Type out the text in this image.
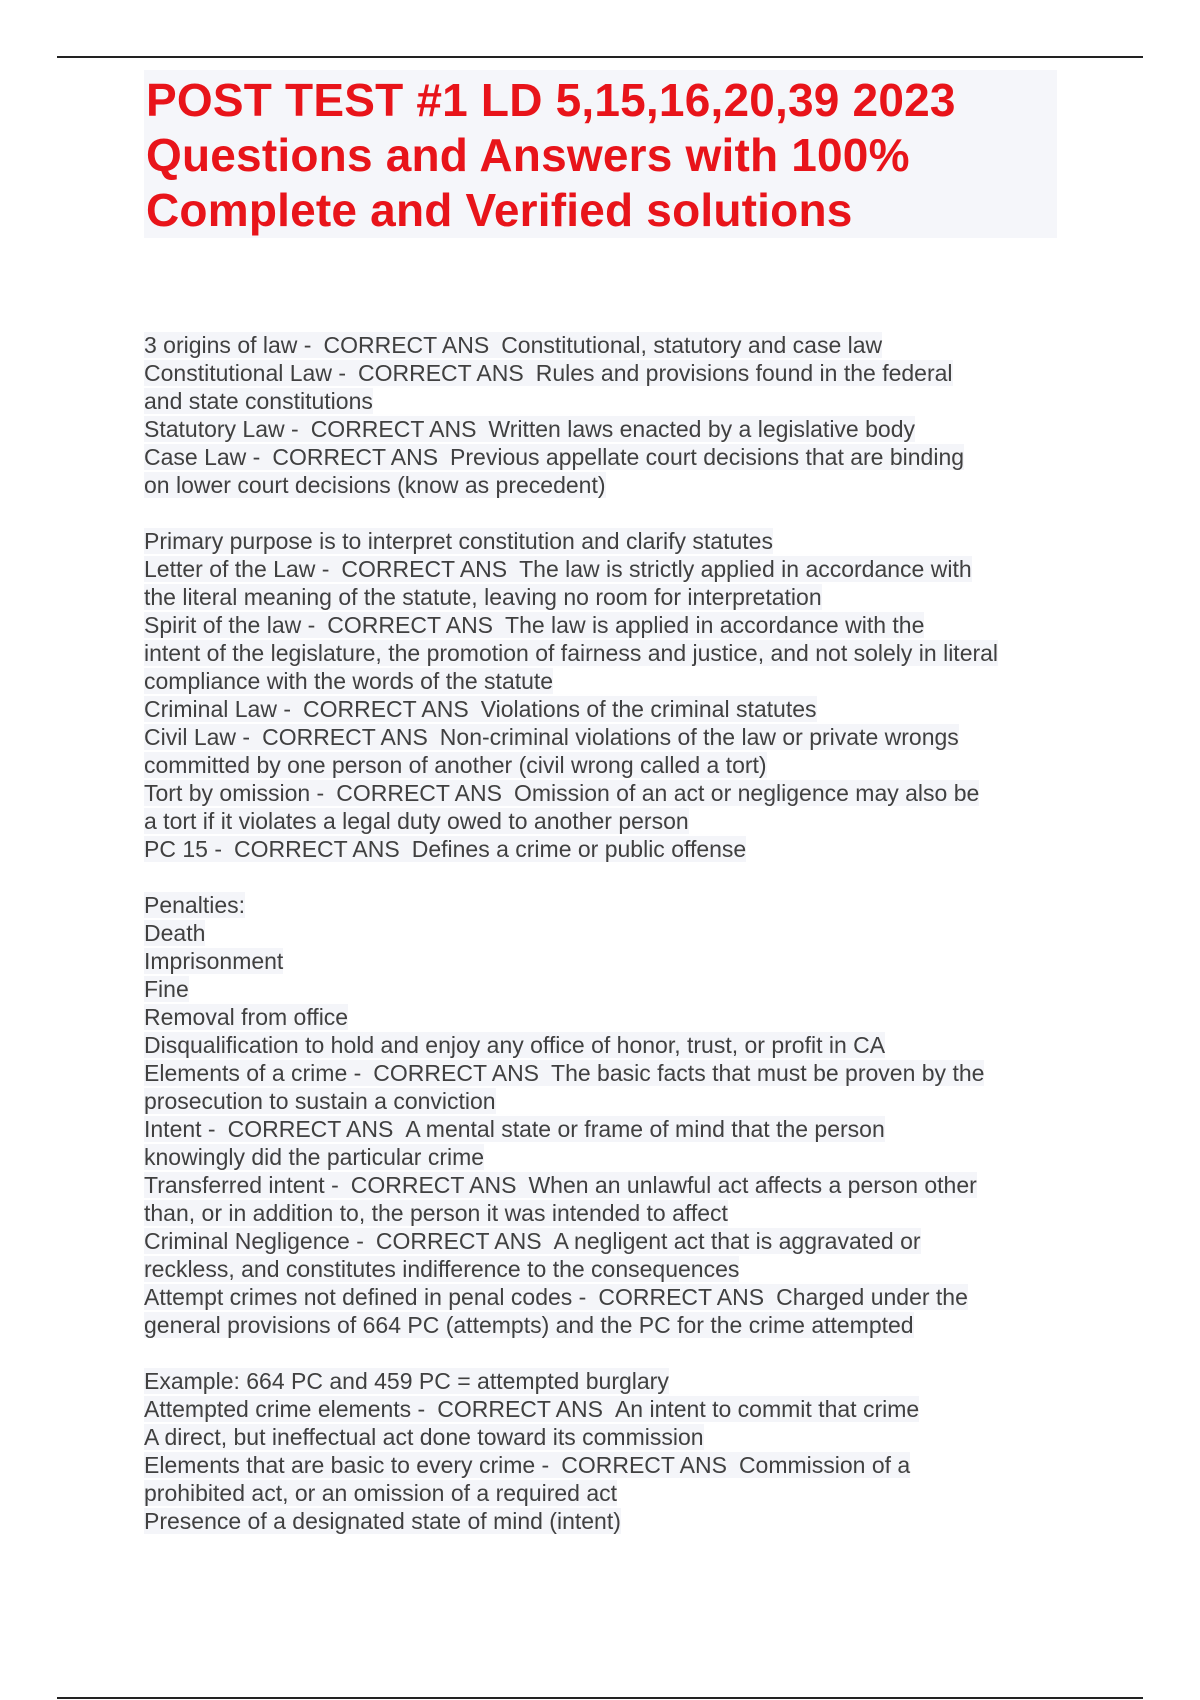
POST TEST #1 LD 5,15,16,20,39 2023
Questions and Answers with 100%
Complete and Verified solutions
3 origins of law - CORRECT ANS Constitutional, statutory and case law
Constitutional Law - CORRECT ANS Rules and provisions found in the federal
and state constitutions
Statutory Law - CORRECT ANS Written laws enacted by a legislative body
Case Law - CORRECT ANS Previous appellate court decisions that are binding
on lower court decisions (know as precedent)
Primary purpose is to interpret constitution and clarify statutes
Letter of the Law - CORRECT ANS The law is strictly applied in accordance with
the literal meaning of the statute, leaving no room for interpretation
Spirit of the law - CORRECT ANS The law is applied in accordance with the
intent of the legislature, the promotion of fairness and justice, and not solely in literal
compliance with the words of the statute
Criminal Law - CORRECT ANS Violations of the criminal statutes
Civil Law - CORRECT ANS Non-criminal violations of the law or private wrongs
committed by one person of another (civil wrong called a tort)
Tort by omission - CORRECT ANS Omission of an act or negligence may also be
a tort if it violates a legal duty owed to another person
PC 15 - CORRECT ANS Defines a crime or public offense
Penalties:
Death
Imprisonment
Fine
Removal from office
Disqualification to hold and enjoy any office of honor, trust, or profit in CA
Elements of a crime - CORRECT ANS The basic facts that must be proven by the
prosecution to sustain a conviction
Intent - CORRECT ANS A mental state or frame of mind that the person
knowingly did the particular crime
Transferred intent - CORRECT ANS When an unlawful act affects a person other
than, or in addition to, the person it was intended to affect
Criminal Negligence - CORRECT ANS A negligent act that is aggravated or
reckless, and constitutes indifference to the consequences
Attempt crimes not defined in penal codes - CORRECT ANS Charged under the
general provisions of 664 PC (attempts) and the PC for the crime attempted
Example: 664 PC and 459 PC = attempted burglary
Attempted crime elements - CORRECT ANS An intent to commit that crime
A direct, but ineffectual act done toward its commission
Elements that are basic to every crime - CORRECT ANS Commission of a
prohibited act, or an omission of a required act
Presence of a designated state of mind (intent)
